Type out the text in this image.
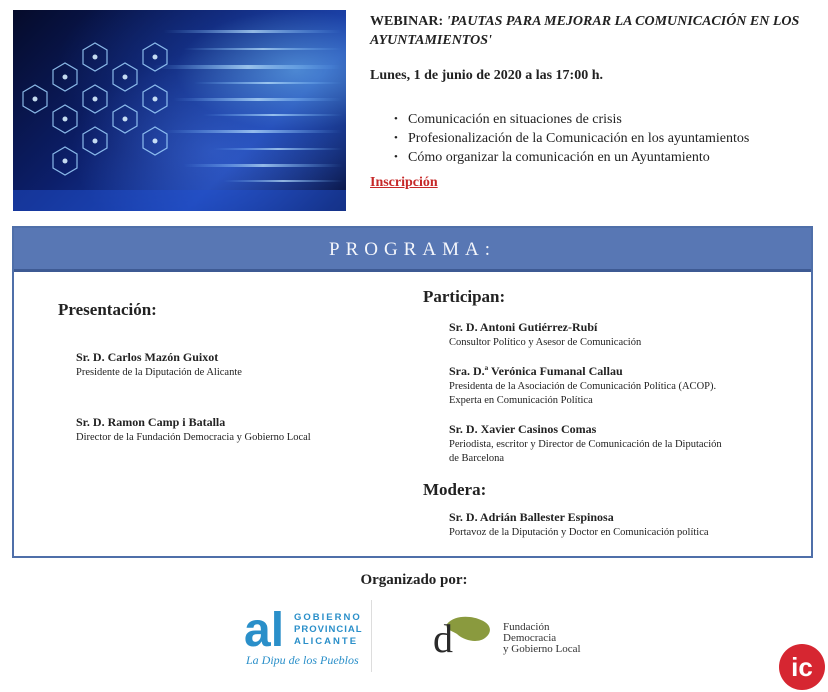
WEBINAR: 'PAUTAS PARA MEJORAR LA COMUNICACIÓN EN LOS AYUNTAMIENTOS'
Lunes, 1 de junio de 2020 a las 17:00 h.
• Comunicación en situaciones de crisis
• Profesionalización de la Comunicación en los ayuntamientos
• Cómo organizar la comunicación en un Ayuntamiento
Inscripción
PROGRAMA:
Presentación:
Sr. D. Carlos Mazón Guixot
Presidente de la Diputación de Alicante
Sr. D. Ramon Camp i Batalla
Director de la Fundación Democracia y Gobierno Local
Participan:
Sr. D. Antoni Gutiérrez-Rubí
Consultor Político y Asesor de Comunicación
Sra. D.ª Verónica Fumanal Callau
Presidenta de la Asociación de Comunicación Política (ACOP).
Experta en Comunicación Política
Sr. D. Xavier Casinos Comas
Periodista, escritor y Director de Comunicación de la Diputación
de Barcelona
Modera:
Sr. D. Adrián Ballester Espinosa
Portavoz de la Diputación y Doctor en Comunicación política
Organizado por:
al GOBIERNO
PROVINCIAL
ALICANTE
La Dipu de los Pueblos d	Fundación
Democracia
y Gobierno Local
ic
